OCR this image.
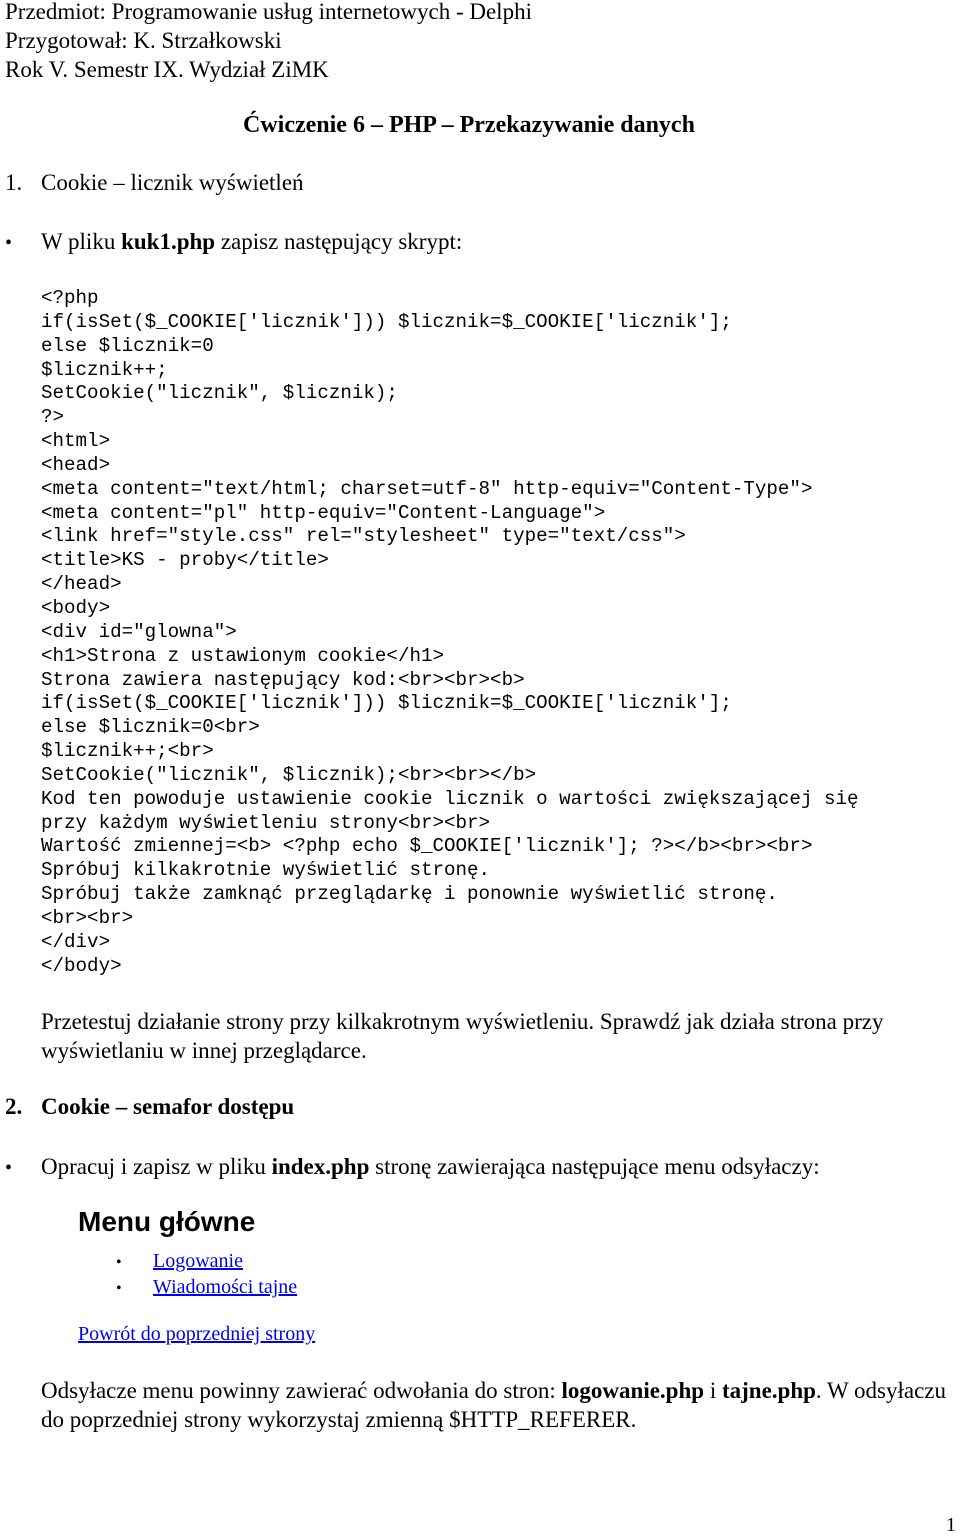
Przedmiot: Programowanie usług internetowych - Delphi
Przygotował: K. Strzałkowski
Rok V. Semestr IX. Wydział ZiMK
Ćwiczenie 6 – PHP – Przekazywanie danych
1. Cookie – licznik wyświetleń
• W pliku kuk1.php zapisz następujący skrypt:
<?php
if(isSet($_COOKIE['licznik'])) $licznik=$_COOKIE['licznik'];
else $licznik=0
$licznik++;
SetCookie("licznik", $licznik);
?>
<html>
<head>
<meta content="text/html; charset=utf-8" http-equiv="Content-Type">
<meta content="pl" http-equiv="Content-Language">
<link href="style.css" rel="stylesheet" type="text/css">
<title>KS - proby</title>
</head>
<body>
<div id="glowna">
<h1>Strona z ustawionym cookie</h1>
Strona zawiera następujący kod:<br><br><b>
if(isSet($_COOKIE['licznik'])) $licznik=$_COOKIE['licznik'];
else $licznik=0<br>
$licznik++;<br>
SetCookie("licznik", $licznik);<br><br></b>
Kod ten powoduje ustawienie cookie licznik o wartości zwiększającej się
przy każdym wyświetleniu strony<br><br>
Wartość zmiennej=<b> <?php echo $_COOKIE['licznik']; ?></b><br><br>
Spróbuj kilkakrotnie wyświetlić stronę.
Spróbuj także zamknąć przeglądarkę i ponownie wyświetlić stronę.
<br><br>
</div>
</body>
Przetestuj działanie strony przy kilkakrotnym wyświetleniu. Sprawdź jak działa strona przy wyświetlaniu w innej przeglądarce.
2. Cookie – semafor dostępu
• Opracuj i zapisz w pliku index.php stronę zawierająca następujące menu odsyłaczy:
Menu główne
• Logowanie
• Wiadomości tajne
Powrót do poprzedniej strony
Odsyłacze menu powinny zawierać odwołania do stron: logowanie.php i tajne.php. W odsyłaczu do poprzedniej strony wykorzystaj zmienną $HTTP_REFERER.
1
